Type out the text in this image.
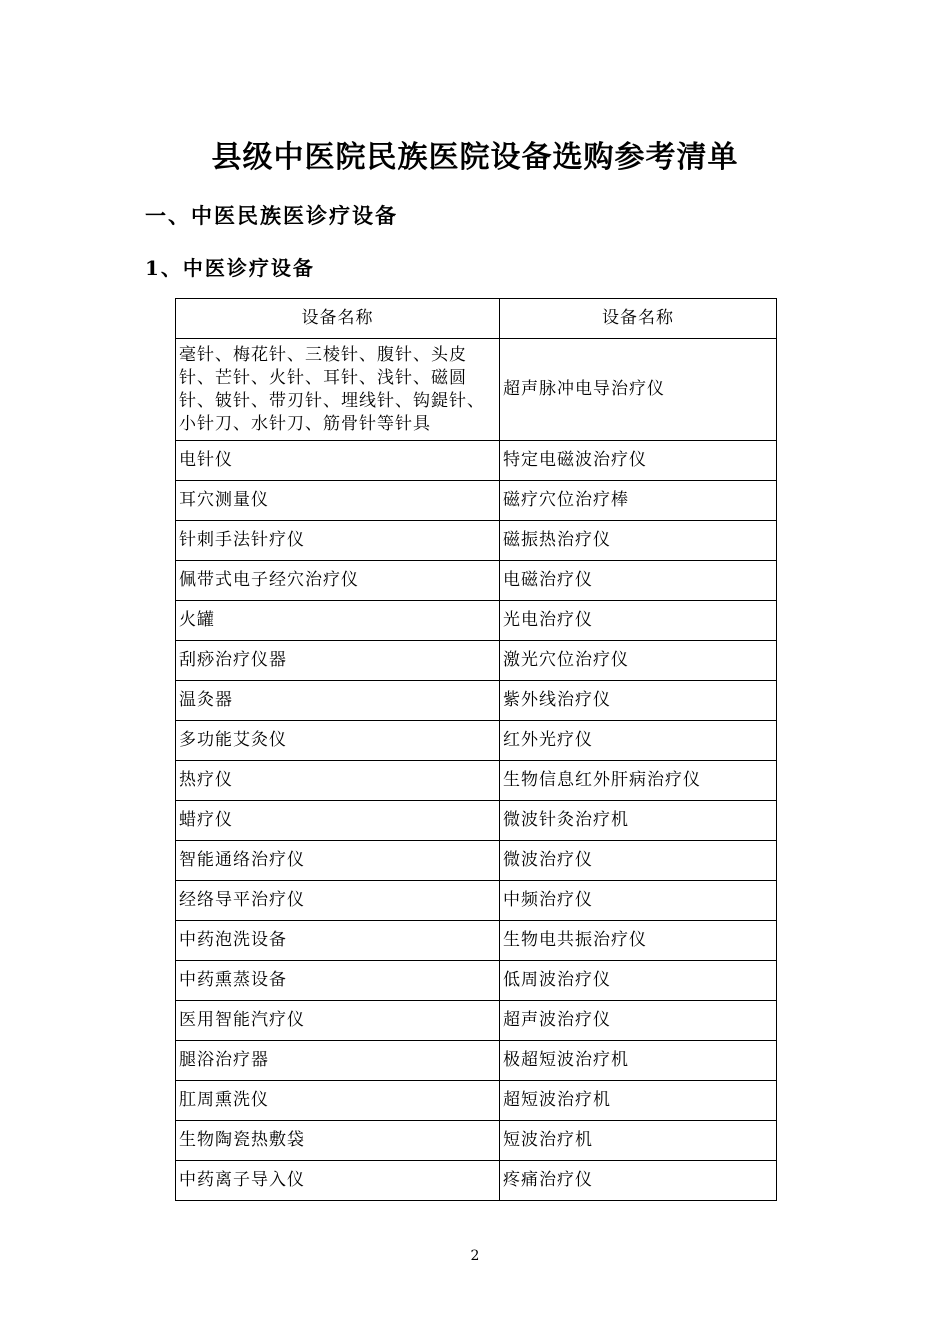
县级中医院民族医院设备选购参考清单
一、中医民族医诊疗设备
1、中医诊疗设备
设备名称	设备名称
毫针、梅花针、三棱针、腹针、头皮针、芒针、火针、耳针、浅针、磁圆针、铍针、带刃针、埋线针、钩鍉针、小针刀、水针刀、筋骨针等针具	超声脉冲电导治疗仪
电针仪	特定电磁波治疗仪
耳穴测量仪	磁疗穴位治疗棒
针刺手法针疗仪	磁振热治疗仪
佩带式电子经穴治疗仪	电磁治疗仪
火罐	光电治疗仪
刮痧治疗仪器	激光穴位治疗仪
温灸器	紫外线治疗仪
多功能艾灸仪	红外光疗仪
热疗仪	生物信息红外肝病治疗仪
蜡疗仪	微波针灸治疗机
智能通络治疗仪	微波治疗仪
经络导平治疗仪	中频治疗仪
中药泡洗设备	生物电共振治疗仪
中药熏蒸设备	低周波治疗仪
医用智能汽疗仪	超声波治疗仪
腿浴治疗器	极超短波治疗机
肛周熏洗仪	超短波治疗机
生物陶瓷热敷袋	短波治疗机
中药离子导入仪	疼痛治疗仪
2
